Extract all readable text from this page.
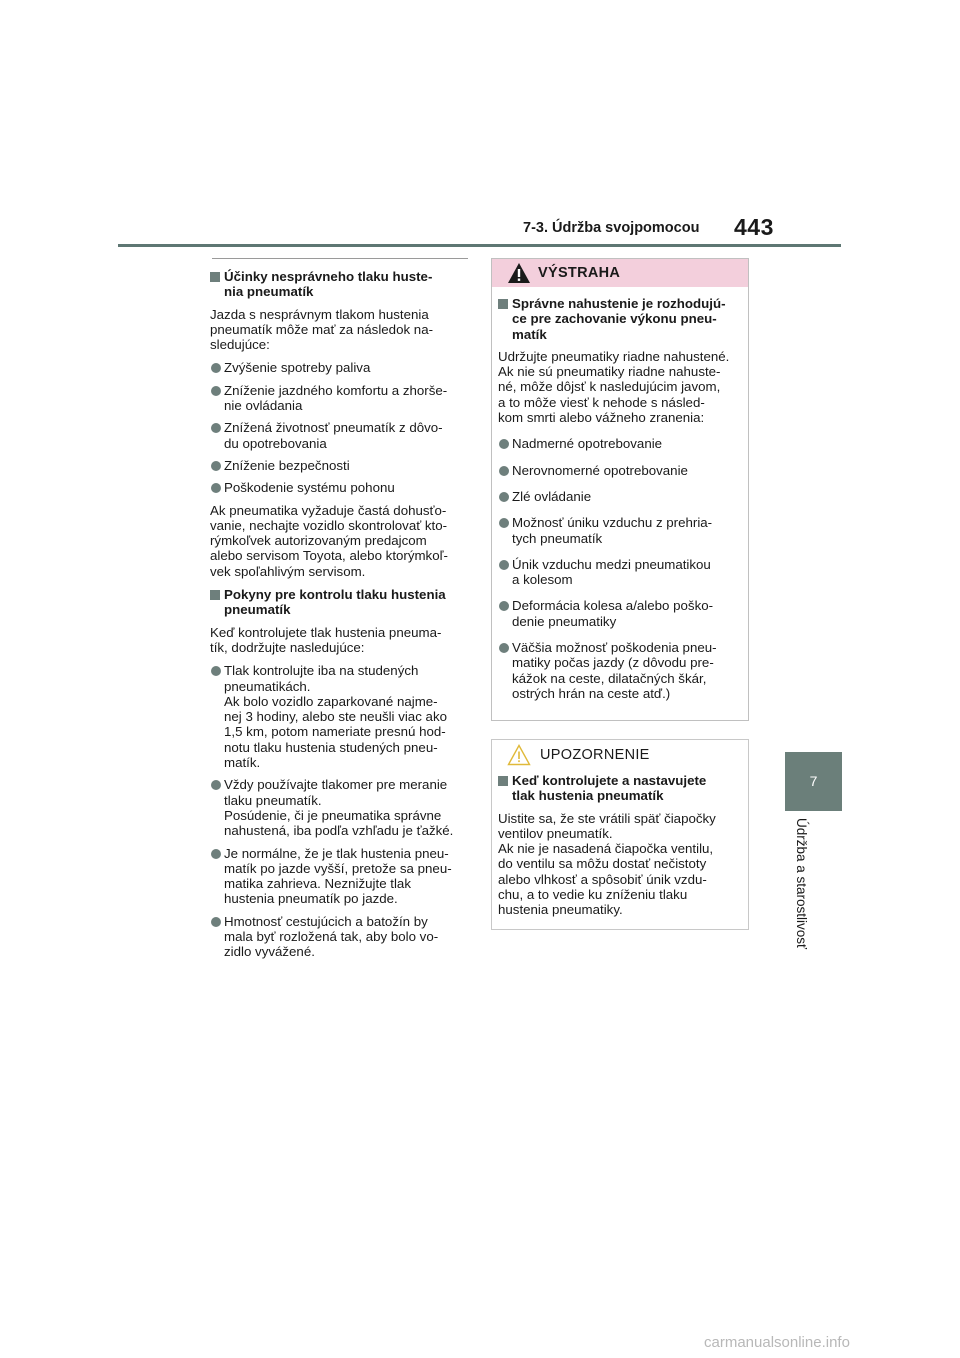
7-3. Údržba svojpomocou 443
7
Údržba a starostlivosť
Účinky nesprávneho tlaku huste-
nia pneumatík
Jazda s nesprávnym tlakom hustenia
pneumatík môže mať za následok na-
sledujúce:
Zvýšenie spotreby paliva
Zníženie jazdného komfortu a zhorše-
nie ovládania
Znížená životnosť pneumatík z dôvo-
du opotrebovania
Zníženie bezpečnosti
Poškodenie systému pohonu
Ak pneumatika vyžaduje častá dohusťo-
vanie, nechajte vozidlo skontrolovať kto-
rýmkoľvek autorizovaným predajcom
alebo servisom Toyota, alebo ktorýmkoľ-
vek spoľahlivým servisom.
Pokyny pre kontrolu tlaku hustenia
pneumatík
Keď kontrolujete tlak hustenia pneuma-
tík, dodržujte nasledujúce:
Tlak kontrolujte iba na studených
pneumatikách.
Ak bolo vozidlo zaparkované najme-
nej 3 hodiny, alebo ste neušli viac ako
1,5 km, potom nameriate presnú hod-
notu tlaku hustenia studených pneu-
matík.
Vždy používajte tlakomer pre meranie
tlaku pneumatík.
Posúdenie, či je pneumatika správne
nahustená, iba podľa vzhľadu je ťažké.
Je normálne, že je tlak hustenia pneu-
matík po jazde vyšší, pretože sa pneu-
matika zahrieva. Neznižujte tlak
hustenia pneumatík po jazde.
Hmotnosť cestujúcich a batožín by
mala byť rozložená tak, aby bolo vo-
zidlo vyvážené.
VÝSTRAHA
Správne nahustenie je rozhodujú-
ce pre zachovanie výkonu pneu-
matík
Udržujte pneumatiky riadne nahustené.
Ak nie sú pneumatiky riadne nahuste-
né, môže dôjsť k nasledujúcim javom,
a to môže viesť k nehode s násled-
kom smrti alebo vážneho zranenia:
Nadmerné opotrebovanie
Nerovnomerné opotrebovanie
Zlé ovládanie
Možnosť úniku vzduchu z prehria-
tych pneumatík
Únik vzduchu medzi pneumatikou
a kolesom
Deformácia kolesa a/alebo poško-
denie pneumatiky
Väčšia možnosť poškodenia pneu-
matiky počas jazdy (z dôvodu pre-
kážok na ceste, dilatačných škár,
ostrých hrán na ceste atď.)
UPOZORNENIE
Keď kontrolujete a nastavujete
tlak hustenia pneumatík
Uistite sa, že ste vrátili späť čiapočky
ventilov pneumatík.
Ak nie je nasadená čiapočka ventilu,
do ventilu sa môžu dostať nečistoty
alebo vlhkosť a spôsobiť únik vzdu-
chu, a to vedie ku zníženiu tlaku
hustenia pneumatiky.
carmanualsonline.info
